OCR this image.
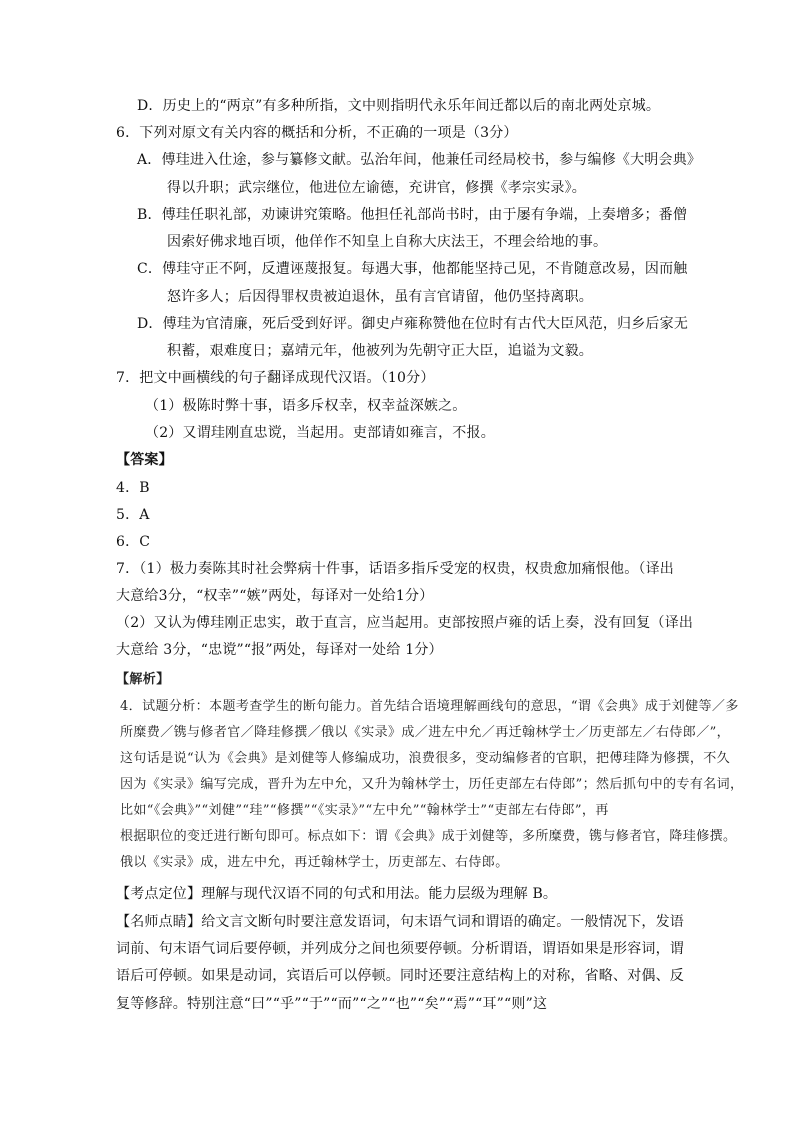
D．历史上的“两京”有多种所指，文中则指明代永乐年间迁都以后的南北两处京城。
6．下列对原文有关内容的概括和分析，不正确的一项是（3分）
A．傅珪进入仕途，参与纂修文献。弘治年间，他兼任司经局校书，参与编修《大明会典》
得以升职；武宗继位，他进位左谕德，充讲官，修撰《孝宗实录》。
B．傅珪任职礼部，劝谏讲究策略。他担任礼部尚书时，由于屡有争端，上奏增多；番僧
因索好佛求地百顷，他佯作不知皇上自称大庆法王，不理会给地的事。
C．傅珪守正不阿，反遭诬蔑报复。每遇大事，他都能坚持己见，不肯随意改易，因而触
怒许多人；后因得罪权贵被迫退休，虽有言官请留，他仍坚持离职。
D．傅珪为官清廉，死后受到好评。御史卢雍称赞他在位时有古代大臣风范，归乡后家无
积蓄，艰难度日；嘉靖元年，他被列为先朝守正大臣，追谥为文毅。
7．把文中画横线的句子翻译成现代汉语。（10分）
（1）极陈时弊十事，语多斥权幸，权幸益深嫉之。
（2）又谓珪刚直忠谠，当起用。吏部请如雍言，不报。
【答案】
4．B
5．A
6．C
7．（1）极力奏陈其时社会弊病十件事，话语多指斥受宠的权贵，权贵愈加痛恨他。（译出
大意给3分，“权幸”“嫉”两处，每译对一处给1分）
（2）又认为傅珪刚正忠实，敢于直言，应当起用。吏部按照卢雍的话上奏，没有回复（译出
大意给 3分，“忠谠”“报”两处，每译对一处给 1分）
【解析】
4．试题分析：本题考查学生的断句能力。首先结合语境理解画线句的意思，“谓《会典》成于刘健等／多
所糜费／镌与修者官／降珪修撰／俄以《实录》成／进左中允／再迁翰林学士／历吏部左／右侍郎／”，
这句话是说“认为《会典》是刘健等人修编成功，浪费很多，变动编修者的官职，把傅珪降为修撰，不久
因为《实录》编写完成，晋升为左中允，又升为翰林学士，历任吏部左右侍郎”；然后抓句中的专有名词，
比如“《会典》”“刘健”“珪”“修撰”“《实录》”“左中允”“翰林学士”“吏部左右侍郎”，再
根据职位的变迁进行断句即可。标点如下：谓《会典》成于刘健等，多所糜费，镌与修者官，降珪修撰。
俄以《实录》成，进左中允，再迁翰林学士，历吏部左、右侍郎。
【考点定位】理解与现代汉语不同的句式和用法。能力层级为理解 B。
【名师点睛】给文言文断句时要注意发语词，句末语气词和谓语的确定。一般情况下，发语
词前、句末语气词后要停顿，并列成分之间也须要停顿。分析谓语，谓语如果是形容词，谓
语后可停顿。如果是动词，宾语后可以停顿。同时还要注意结构上的对称，省略、对偶、反
复等修辞。特别注意“曰”“乎”“于”“而”“之”“也”“矣”“焉”“耳”“则”这
